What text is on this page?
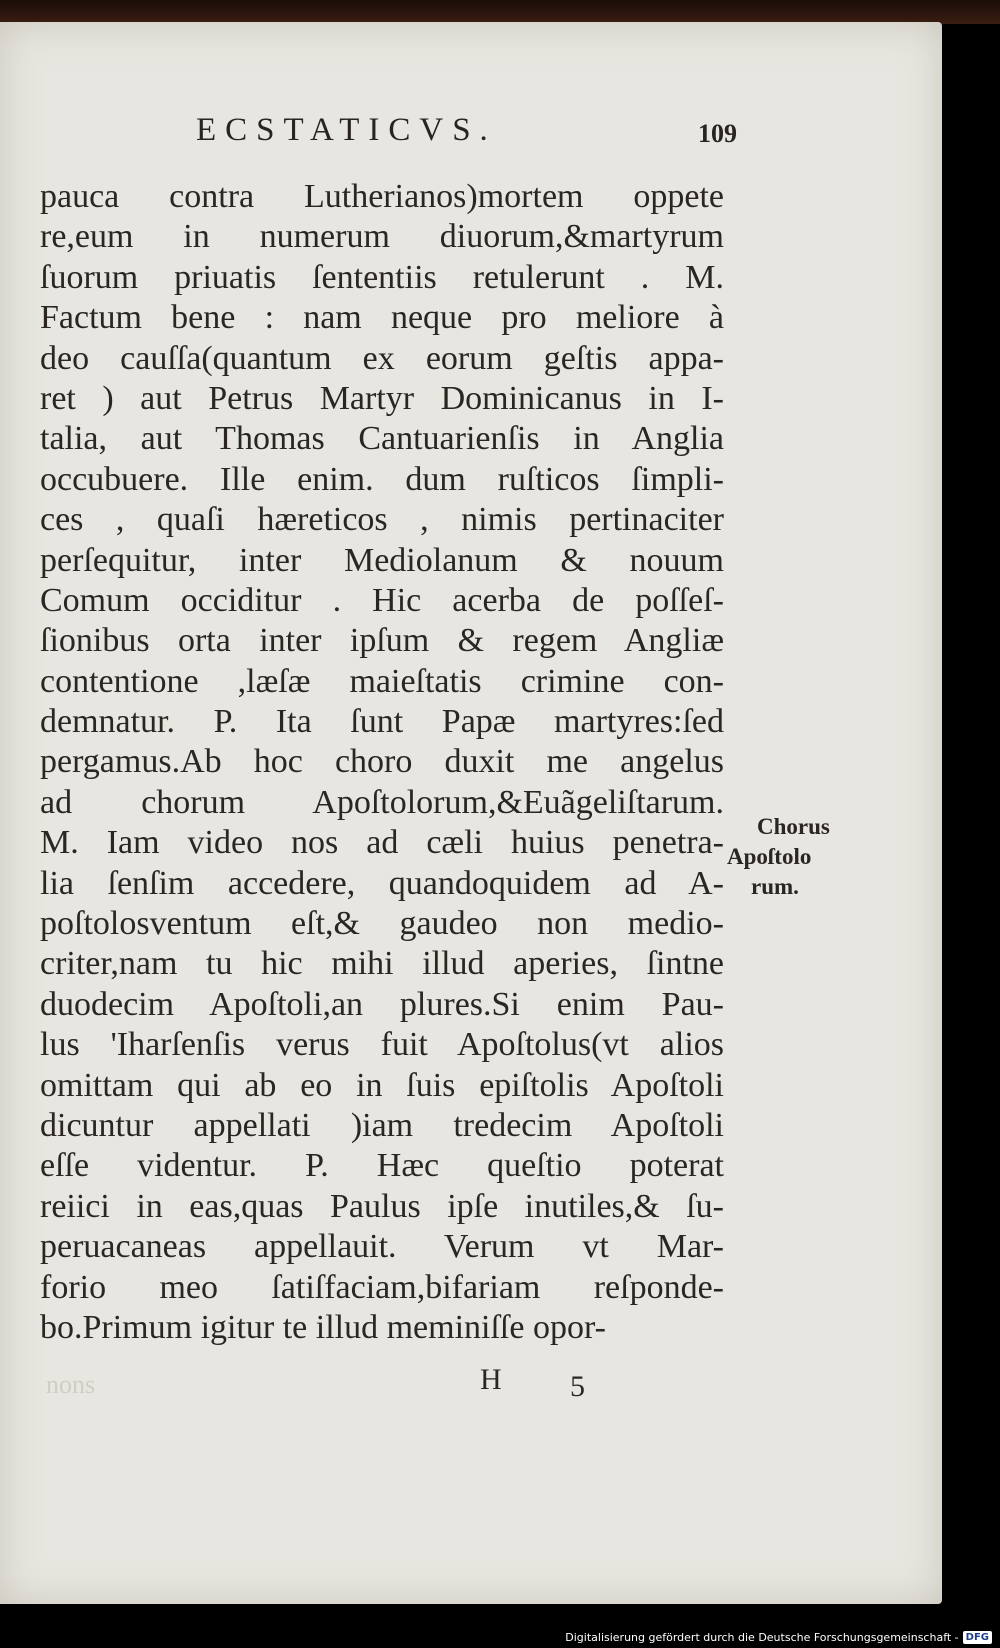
ECSTATICVS.	109
pauca contra Lutherianos)mortem oppete
re,eum in numerum diuorum,&martyrum
ſuorum priuatis ſententiis retulerunt . M.
Factum bene : nam neque pro meliore à
deo cauſſa(quantum ex eorum geſtis appa-
ret ) aut Petrus Martyr Dominicanus in I-
talia, aut Thomas Cantuarienſis in Anglia
occubuere. Ille enim. dum ruſticos ſimpli-
ces , quaſi hæreticos , nimis pertinaciter
perſequitur, inter Mediolanum & nouum
Comum occiditur . Hic acerba de poſſeſ-
ſionibus orta inter ipſum & regem Angliæ
contentione ,læſæ maieſtatis crimine con-
demnatur. P. Ita ſunt Papæ martyres:ſed
pergamus.Ab hoc choro duxit me angelus
ad chorum Apoſtolorum,&Euãgeliſtarum.
M. Iam video nos ad cæli huius penetra-
lia ſenſim accedere, quandoquidem ad A-
poſtolosventum eſt,& gaudeo non medio-
criter,nam tu hic mihi illud aperies, ſintne
duodecim Apoſtoli,an plures.Si enim Pau-
lus 'Iharſenſis verus fuit Apoſtolus(vt alios
omittam qui ab eo in ſuis epiſtolis Apoſtoli
dicuntur appellati )iam tredecim Apoſtoli
eſſe videntur. P. Hæc queſtio poterat
reiici in eas,quas Paulus ipſe inutiles,& ſu-
peruacaneas appellauit. Verum vt Mar-
forio meo ſatiſfaciam,bifariam reſponde-
bo.Primum igitur te illud meminiſſe opor-
Chorus
Apoſtolo
rum.
nons	H 5
Digitalisierung gefördert durch die Deutsche Forschungsgemeinschaft - DFG
